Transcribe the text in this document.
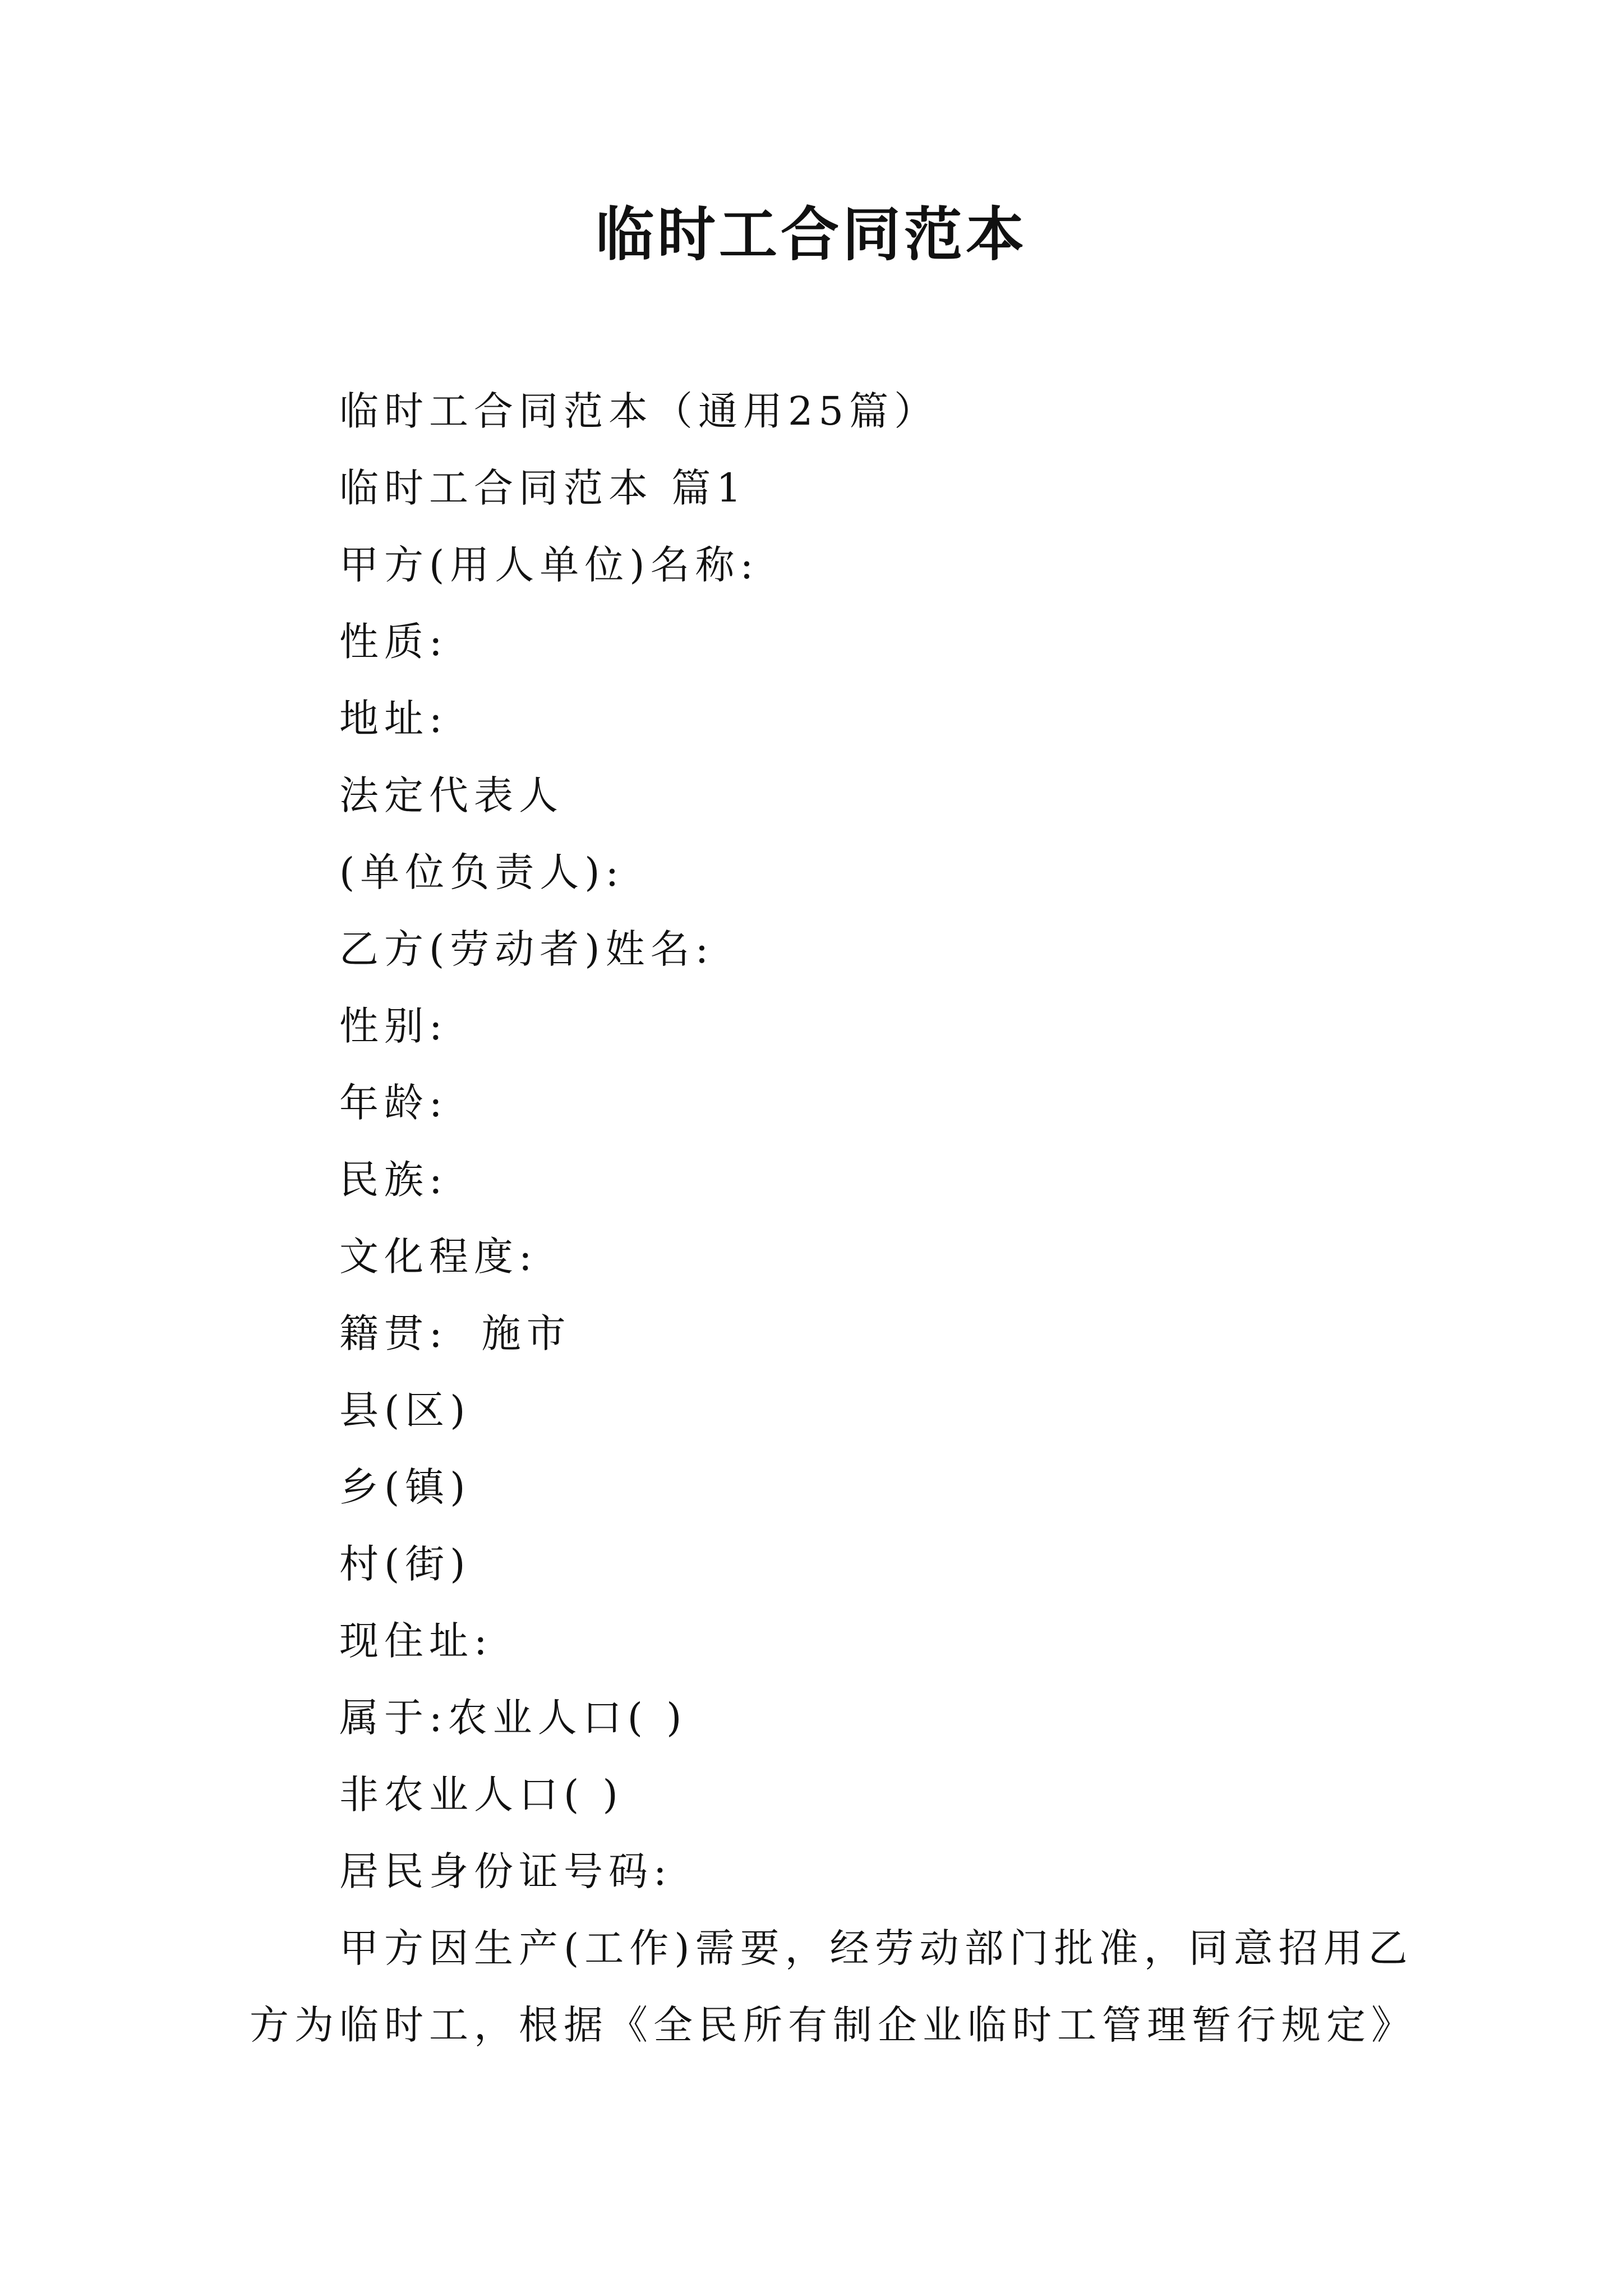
临时工合同范本
临时工合同范本（通用25篇）
临时工合同范本 篇1
甲方(用人单位)名称:
性质:
地址:
法定代表人
(单位负责人):
乙方(劳动者)姓名:
性别:
年龄:
民族:
文化程度:
籍贯: 施市
县(区)
乡(镇)
村(街)
现住址:
属于:农业人口( )
非农业人口( )
居民身份证号码:
甲方因生产(工作)需要，经劳动部门批准，同意招用乙
方为临时工，根据《全民所有制企业临时工管理暂行规定》
